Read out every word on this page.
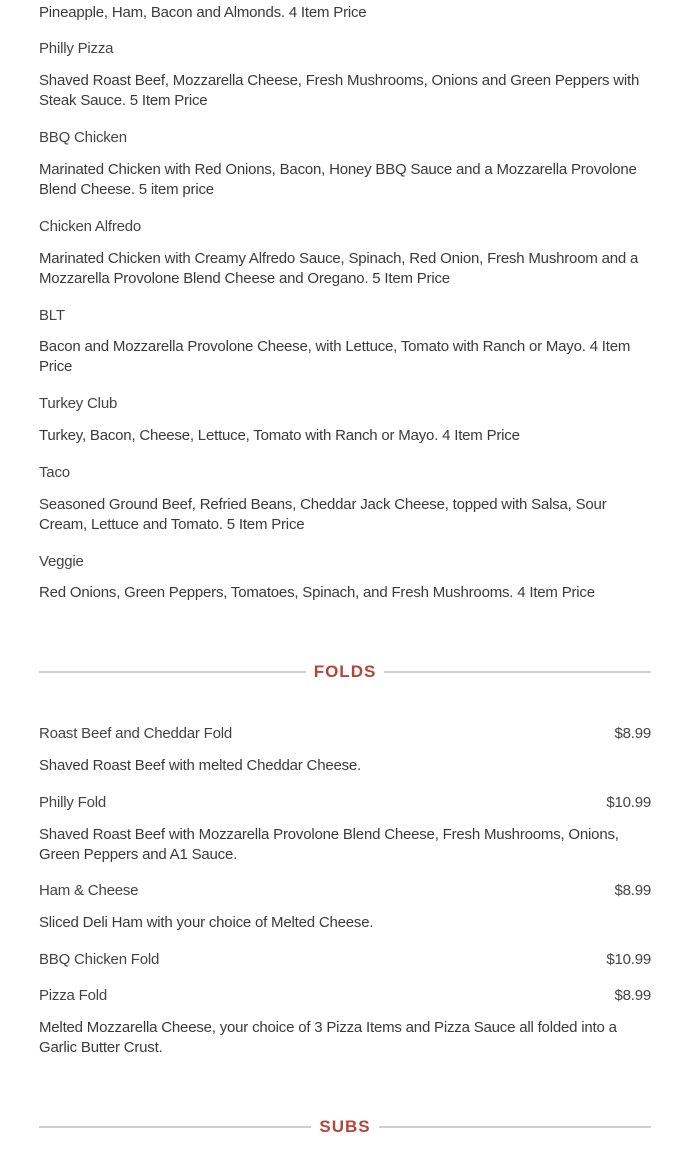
Pineapple, Ham, Bacon and Almonds. 4 Item Price
Philly Pizza
Shaved Roast Beef, Mozzarella Cheese, Fresh Mushrooms, Onions and Green Peppers with Steak Sauce. 5 Item Price
BBQ Chicken
Marinated Chicken with Red Onions, Bacon, Honey BBQ Sauce and a Mozzarella Provolone Blend Cheese. 5 item price
Chicken Alfredo
Marinated Chicken with Creamy Alfredo Sauce, Spinach, Red Onion, Fresh Mushroom and a Mozzarella Provolone Blend Cheese and Oregano. 5 Item Price
BLT
Bacon and Mozzarella Provolone Cheese, with Lettuce, Tomato with Ranch or Mayo. 4 Item Price
Turkey Club
Turkey, Bacon, Cheese, Lettuce, Tomato with Ranch or Mayo. 4 Item Price
Taco
Seasoned Ground Beef, Refried Beans, Cheddar Jack Cheese, topped with Salsa, Sour Cream, Lettuce and Tomato. 5 Item Price
Veggie
Red Onions, Green Peppers, Tomatoes, Spinach, and Fresh Mushrooms. 4 Item Price
FOLDS
Roast Beef and Cheddar Fold	$8.99
Shaved Roast Beef with melted Cheddar Cheese.
Philly Fold	$10.99
Shaved Roast Beef with Mozzarella Provolone Blend Cheese, Fresh Mushrooms, Onions, Green Peppers and A1 Sauce.
Ham & Cheese	$8.99
Sliced Deli Ham with your choice of Melted Cheese.
BBQ Chicken Fold	$10.99
Pizza Fold	$8.99
Melted Mozzarella Cheese, your choice of 3 Pizza Items and Pizza Sauce all folded into a Garlic Butter Crust.
SUBS
